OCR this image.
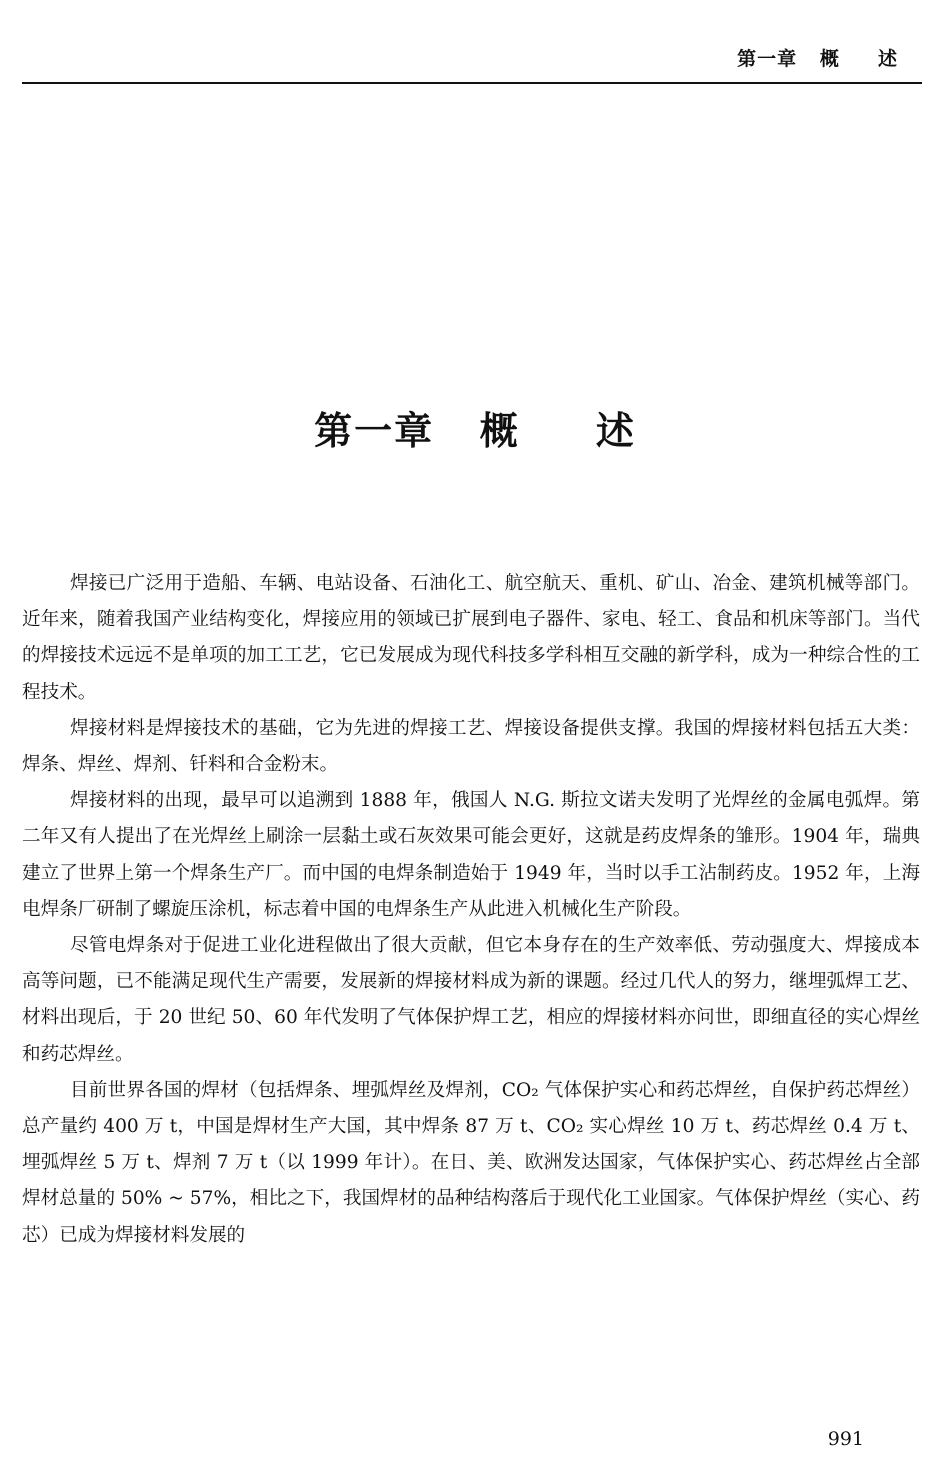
第一章   概     述
第一章   概     述

焊接已广泛用于造船、车辆、电站设备、石油化工、航空航天、重机、矿山、冶金、建筑机械等部门。近年来，随着我国产业结构变化，焊接应用的领域已扩展到电子器件、家电、轻工、食品和机床等部门。当代的焊接技术远远不是单项的加工工艺，它已发展成为现代科技多学科相互交融的新学科，成为一种综合性的工程技术。

焊接材料是焊接技术的基础，它为先进的焊接工艺、焊接设备提供支撑。我国的焊接材料包括五大类：焊条、焊丝、焊剂、钎料和合金粉末。

焊接材料的出现，最早可以追溯到 1888 年，俄国人 N.G. 斯拉文诺夫发明了光焊丝的金属电弧焊。第二年又有人提出了在光焊丝上刷涂一层黏土或石灰效果可能会更好，这就是药皮焊条的雏形。1904 年，瑞典建立了世界上第一个焊条生产厂。而中国的电焊条制造始于 1949 年，当时以手工沾制药皮。1952 年，上海电焊条厂研制了螺旋压涂机，标志着中国的电焊条生产从此进入机械化生产阶段。

尽管电焊条对于促进工业化进程做出了很大贡献，但它本身存在的生产效率低、劳动强度大、焊接成本高等问题，已不能满足现代生产需要，发展新的焊接材料成为新的课题。经过几代人的努力，继埋弧焊工艺、材料出现后，于 20 世纪 50、60 年代发明了气体保护焊工艺，相应的焊接材料亦问世，即细直径的实心焊丝和药芯焊丝。

目前世界各国的焊材（包括焊条、埋弧焊丝及焊剂，CO₂ 气体保护实心和药芯焊丝，自保护药芯焊丝）总产量约 400 万 t，中国是焊材生产大国，其中焊条 87 万 t、CO₂ 实心焊丝 10 万 t、药芯焊丝 0.4 万 t、埋弧焊丝 5 万 t、焊剂 7 万 t（以 1999 年计）。在日、美、欧洲发达国家，气体保护实心、药芯焊丝占全部焊材总量的 50% ~ 57%，相比之下，我国焊材的品种结构落后于现代化工业国家。气体保护焊丝（实心、药芯）已成为焊接材料发展的

991
